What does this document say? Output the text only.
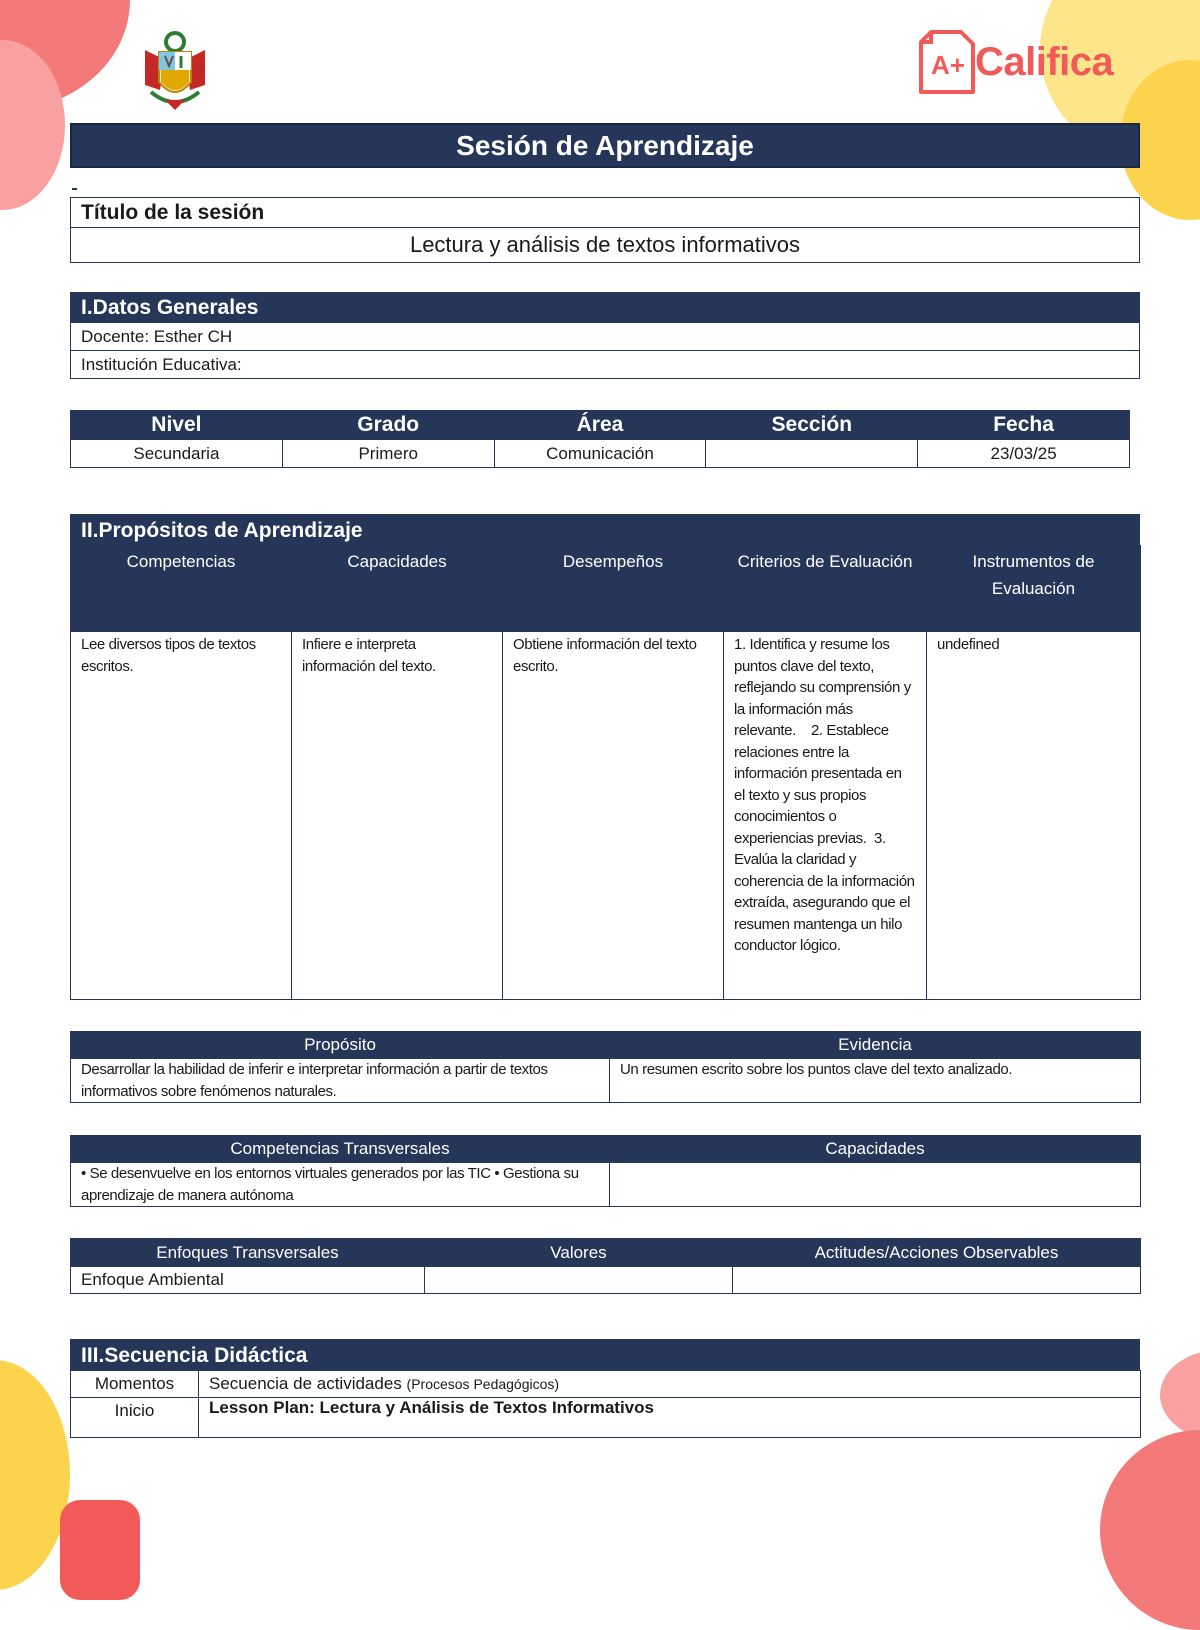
A+ Califica
Sesión de Aprendizaje
Título de la sesión
Lectura y análisis de textos informativos
I.Datos Generales
Docente: Esther CH
Institución Educativa:
Nivel	Grado	Área	Sección	Fecha
Secundaria	Primero	Comunicación		23/03/25
II.Propósitos de Aprendizaje
Competencias	Capacidades	Desempeños	Criterios de Evaluación	Instrumentos de Evaluación
Lee diversos tipos de textos escritos.	Infiere e interpreta información del texto.	Obtiene información del texto escrito.	1. Identifica y resume los puntos clave del texto, reflejando su comprensión y la información más relevante.    2. Establece relaciones entre la información presentada en el texto y sus propios conocimientos o experiencias previas.  3. Evalúa la claridad y coherencia de la información extraída, asegurando que el resumen mantenga un hilo conductor lógico.	undefined
Propósito	Evidencia
Desarrollar la habilidad de inferir e interpretar información a partir de textos informativos sobre fenómenos naturales.	Un resumen escrito sobre los puntos clave del texto analizado.
Competencias Transversales	Capacidades
• Se desenvuelve en los entornos virtuales generados por las TIC • Gestiona su aprendizaje de manera autónoma	
Enfoques Transversales	Valores	Actitudes/Acciones Observables
Enfoque Ambiental		
III.Secuencia Didáctica
Momentos	Secuencia de actividades (Procesos Pedagógicos)
Inicio	Lesson Plan: Lectura y Análisis de Textos Informativos
